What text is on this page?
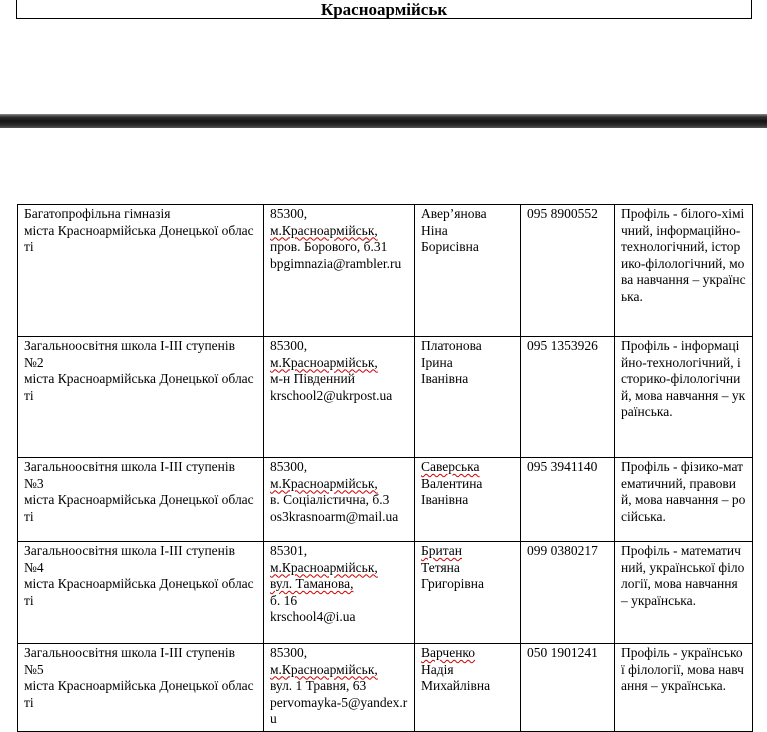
Красноармійськ
Багатопрофільна гімназія
міста Красноармійська Донецької області	85300,
м.Красноармійськ,
пров. Борового, б.31
bpgimnazia@rambler.ru	Авер’янова
Ніна
Борисівна	095 8900552	Профіль - білого-хімічний, інформаційно-технологічний, історико-філологічний, мова навчання – українська.

Загальноосвітня школа І-ІІІ ступенів №2
міста Красноармійська Донецької області	85300,
м.Красноармійськ,
м-н Південний
krschool2@ukrpost.ua	Платонова
Ірина
Іванівна	095 1353926	Профіль - інформаційно-технологічний, історико-філологічний, мова навчання – українська.

Загальноосвітня школа І-ІІІ ступенів №3
міста Красноармійська Донецької області	85300,
м.Красноармійськ,
в. Соціалістична, б.3
os3krasnoarm@mail.ua	Саверська
Валентина
Іванівна	095 3941140	Профіль - фізико-математичний, правовий, мова навчання – російська.

Загальноосвітня школа І-ІІІ ступенів №4
міста Красноармійська Донецької області	85301,
м.Красноармійськ,
вул. Таманова,
б. 16
krschool4@i.ua	Британ
Тетяна
Григорівна	099 0380217	Профіль - математичний, української філології, мова навчання – українська.

Загальноосвітня школа І-ІІІ ступенів №5
міста Красноармійська Донецької області	85300,
м.Красноармійськ,
вул. 1 Травня, 63
pervomayka-5@yandex.ru	Варченко
Надія
Михайлівна	050 1901241	Профіль - української філології, мова навчання – українська.
